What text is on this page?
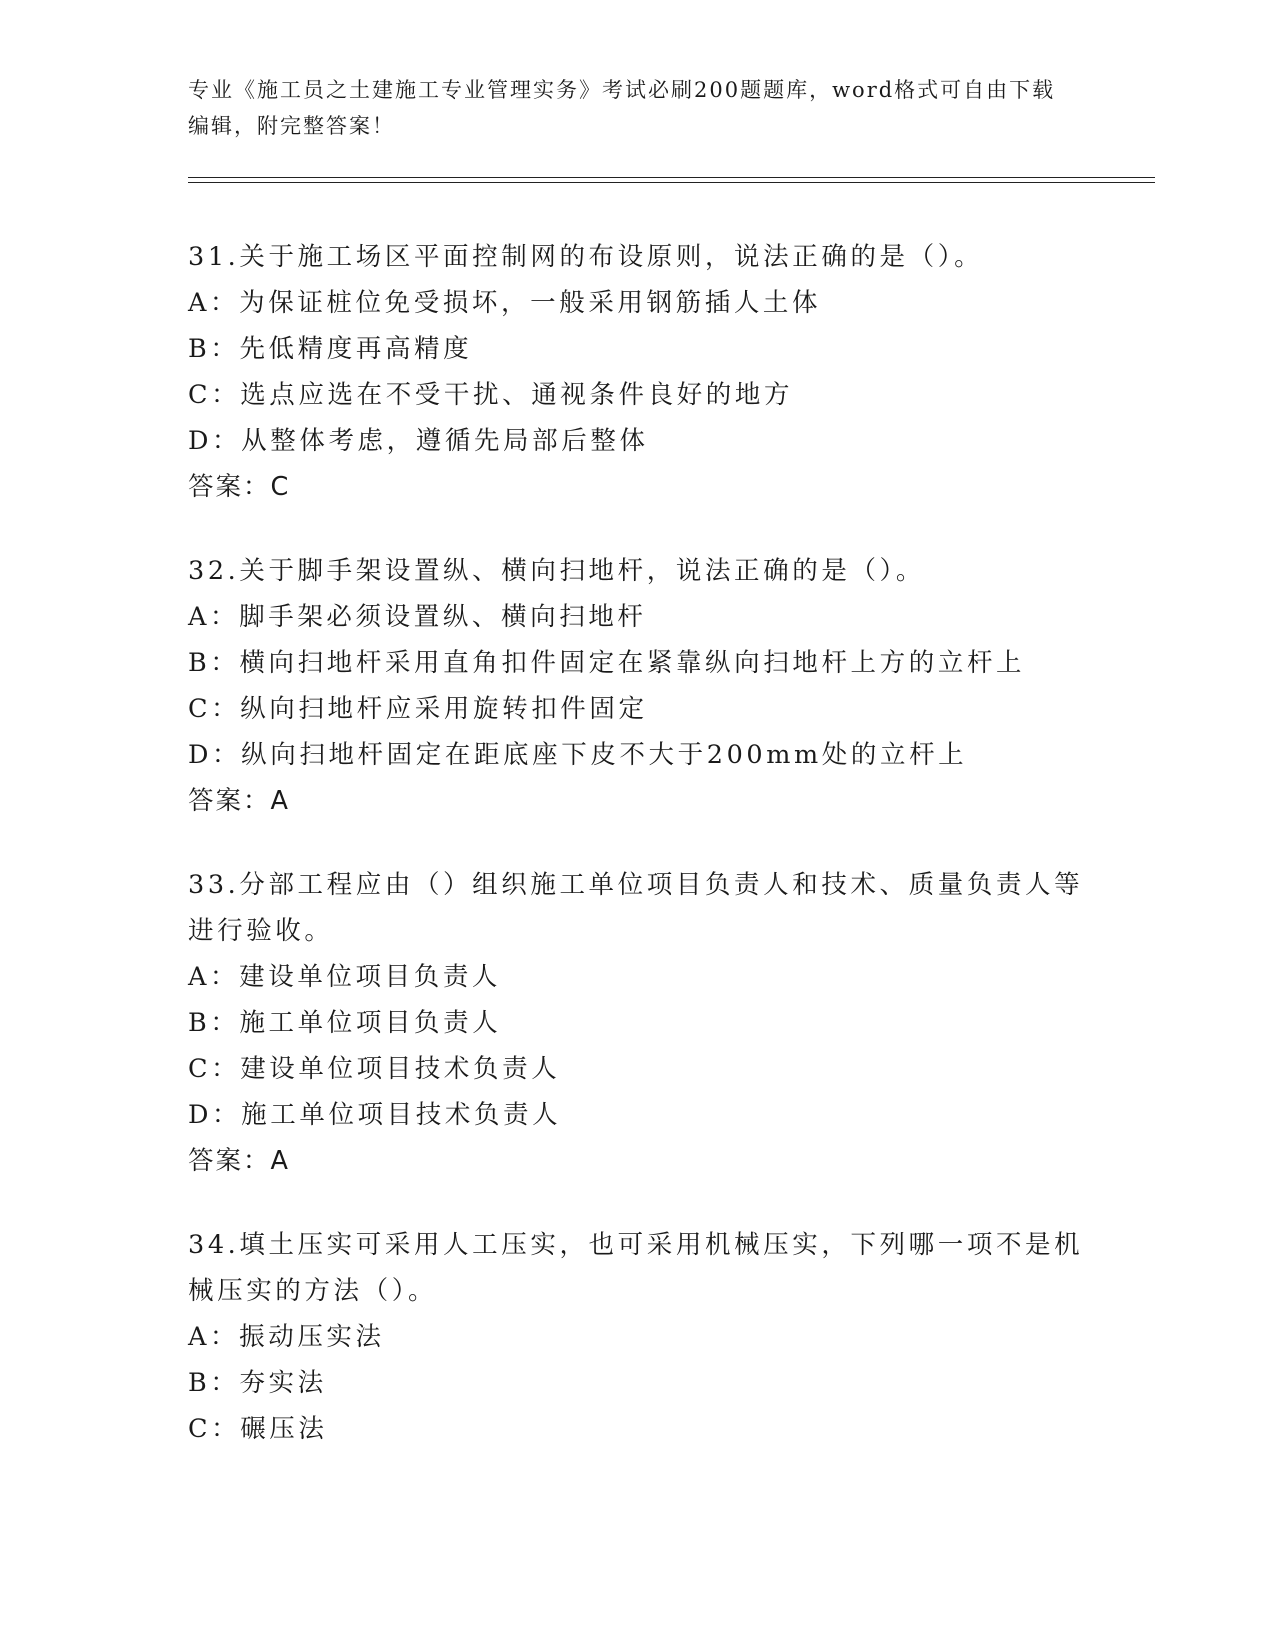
专业《施工员之土建施工专业管理实务》考试必刷200题题库，word格式可自由下载编辑，附完整答案！
31.关于施工场区平面控制网的布设原则，说法正确的是（）。
A：为保证桩位免受损坏，一般采用钢筋插人土体
B：先低精度再高精度
C：选点应选在不受干扰、通视条件良好的地方
D：从整体考虑，遵循先局部后整体
答案：C
32.关于脚手架设置纵、横向扫地杆，说法正确的是（）。
A：脚手架必须设置纵、横向扫地杆
B：横向扫地杆采用直角扣件固定在紧靠纵向扫地杆上方的立杆上
C：纵向扫地杆应采用旋转扣件固定
D：纵向扫地杆固定在距底座下皮不大于200mm处的立杆上
答案：A
33.分部工程应由（）组织施工单位项目负责人和技术、质量负责人等进行验收。
A：建设单位项目负责人
B：施工单位项目负责人
C：建设单位项目技术负责人
D：施工单位项目技术负责人
答案：A
34.填土压实可采用人工压实，也可采用机械压实，下列哪一项不是机械压实的方法（）。
A：振动压实法
B：夯实法
C：碾压法
